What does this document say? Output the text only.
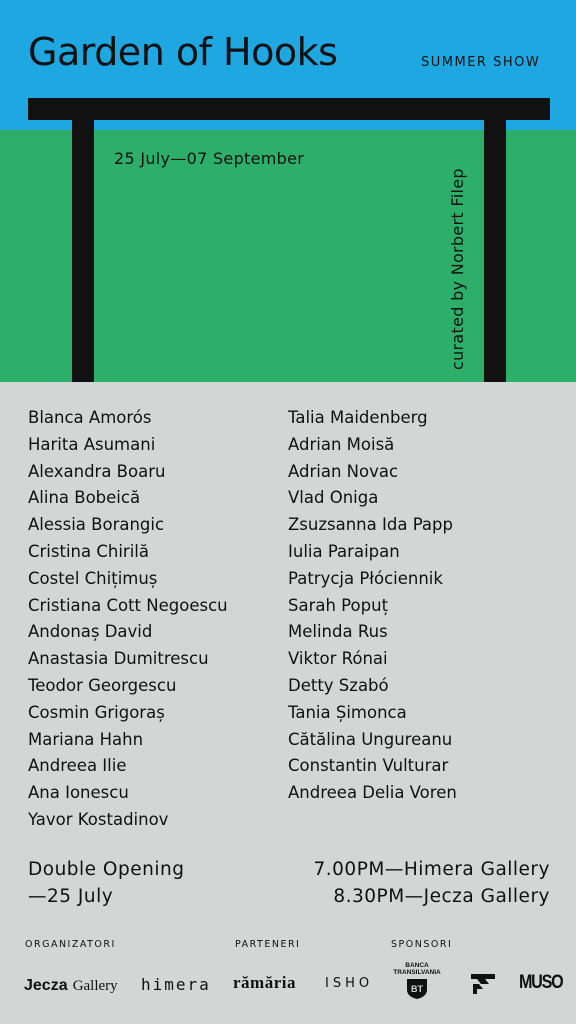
Garden of Hooks	SUMMER SHOW
25 July—07 September
curated by Norbert Filep
Blanca Amorós
Harita Asumani
Alexandra Boaru
Alina Bobeică
Alessia Borangic
Cristina Chirilă
Costel Chițimuș
Cristiana Cott Negoescu
Andonaș David
Anastasia Dumitrescu
Teodor Georgescu
Cosmin Grigoraș
Mariana Hahn
Andreea Ilie
Ana Ionescu
Yavor Kostadinov
Talia Maidenberg
Adrian Moisă
Adrian Novac
Vlad Oniga
Zsuzsanna Ida Papp
Iulia Paraipan
Patrycja Płóciennik
Sarah Popuț
Melinda Rus
Viktor Rónai
Detty Szabó
Tania Șimonca
Cătălina Ungureanu
Constantin Vulturar
Andreea Delia Voren
Double Opening
—25 July
7.00PM—Himera Gallery
8.30PM—Jecza Gallery
ORGANIZATORI	PARTENERI	SPONSORI
Jecza Gallery himera rămăria ISHO
BANCA
TRANSILVANIA
BT	MUSO
